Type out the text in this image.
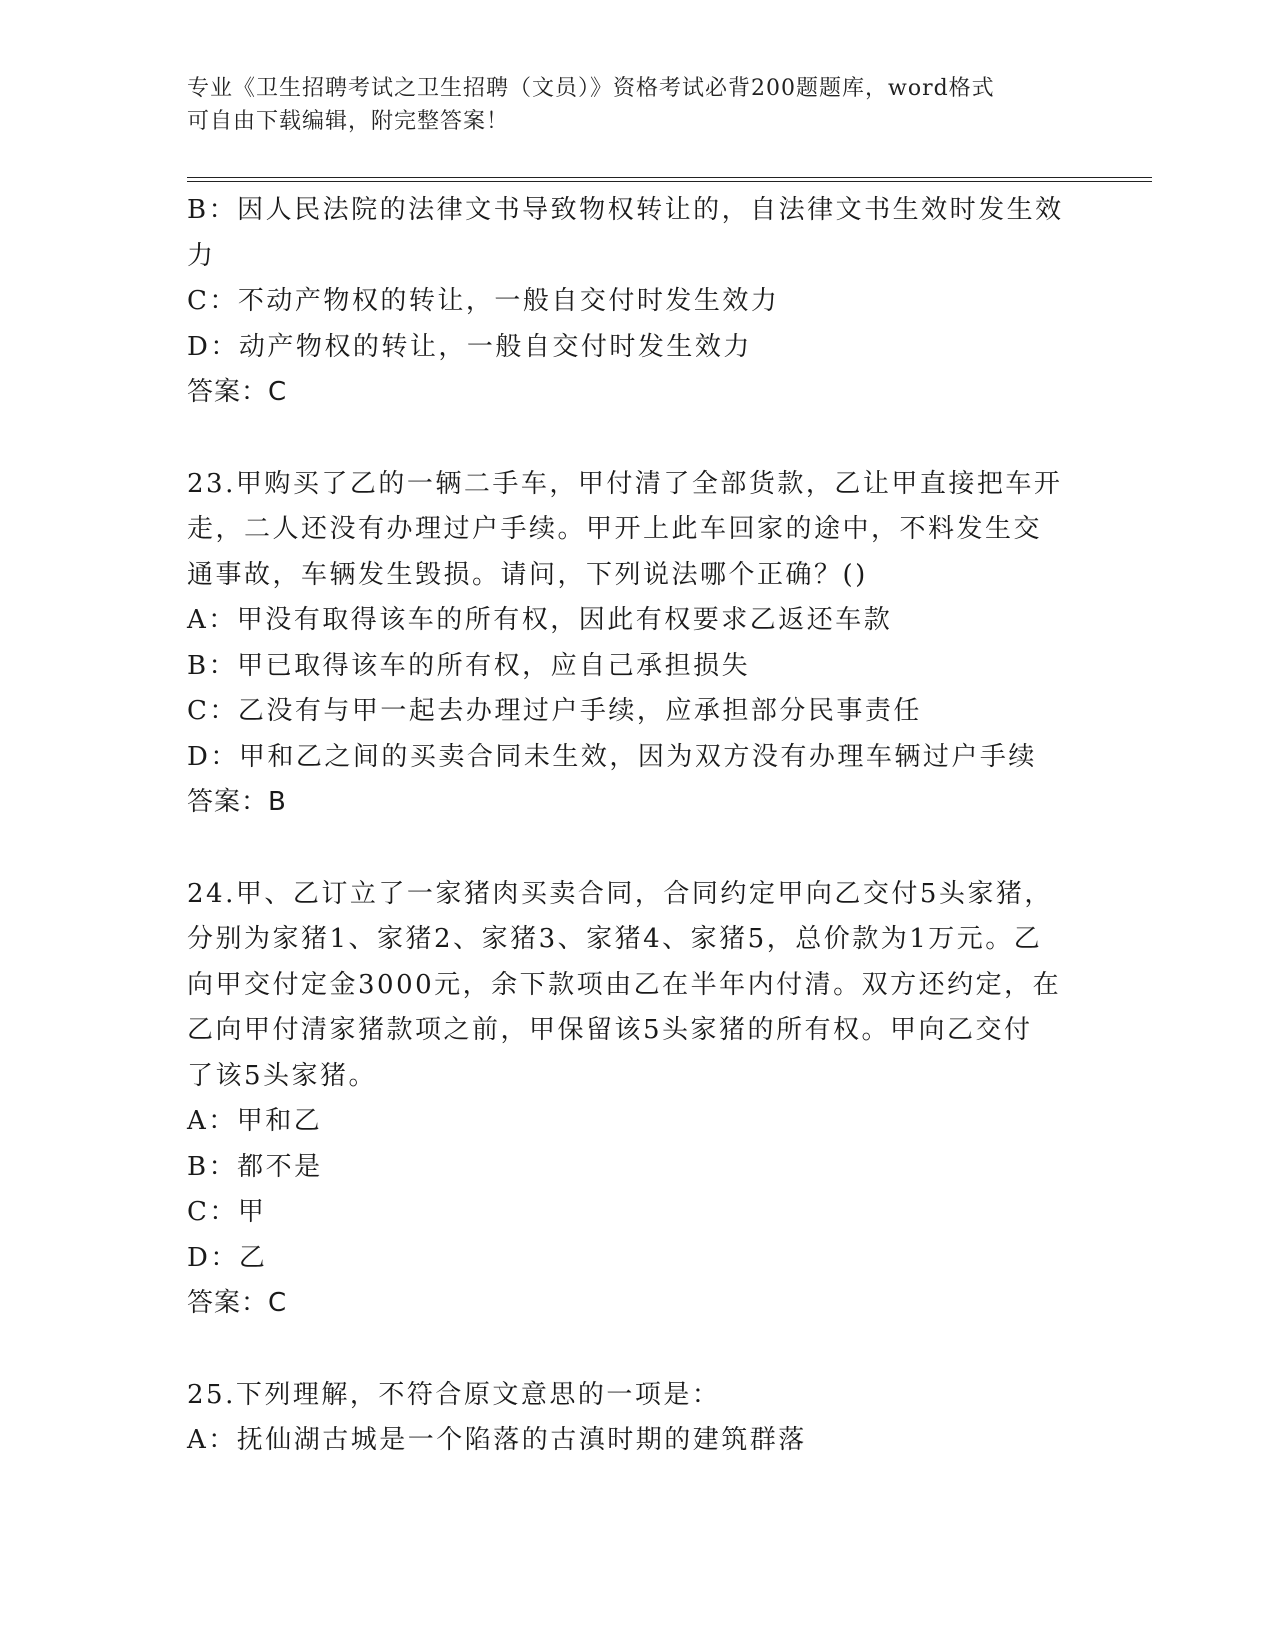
专业《卫生招聘考试之卫生招聘（文员）》资格考试必背200题题库，word格式
可自由下载编辑，附完整答案！
B：因人民法院的法律文书导致物权转让的，自法律文书生效时发生效
力
C：不动产物权的转让，一般自交付时发生效力
D：动产物权的转让，一般自交付时发生效力
答案：C
23.甲购买了乙的一辆二手车，甲付清了全部货款，乙让甲直接把车开
走，二人还没有办理过户手续。甲开上此车回家的途中，不料发生交
通事故，车辆发生毁损。请问，下列说法哪个正确？()
A：甲没有取得该车的所有权，因此有权要求乙返还车款
B：甲已取得该车的所有权，应自己承担损失
C：乙没有与甲一起去办理过户手续，应承担部分民事责任
D：甲和乙之间的买卖合同未生效，因为双方没有办理车辆过户手续
答案：B
24.甲、乙订立了一家猪肉买卖合同，合同约定甲向乙交付5头家猪，
分别为家猪1、家猪2、家猪3、家猪4、家猪5，总价款为1万元。乙
向甲交付定金3000元，余下款项由乙在半年内付清。双方还约定，在
乙向甲付清家猪款项之前，甲保留该5头家猪的所有权。甲向乙交付
了该5头家猪。
A：甲和乙
B：都不是
C：甲
D：乙
答案：C
25.下列理解，不符合原文意思的一项是：
A：抚仙湖古城是一个陷落的古滇时期的建筑群落
